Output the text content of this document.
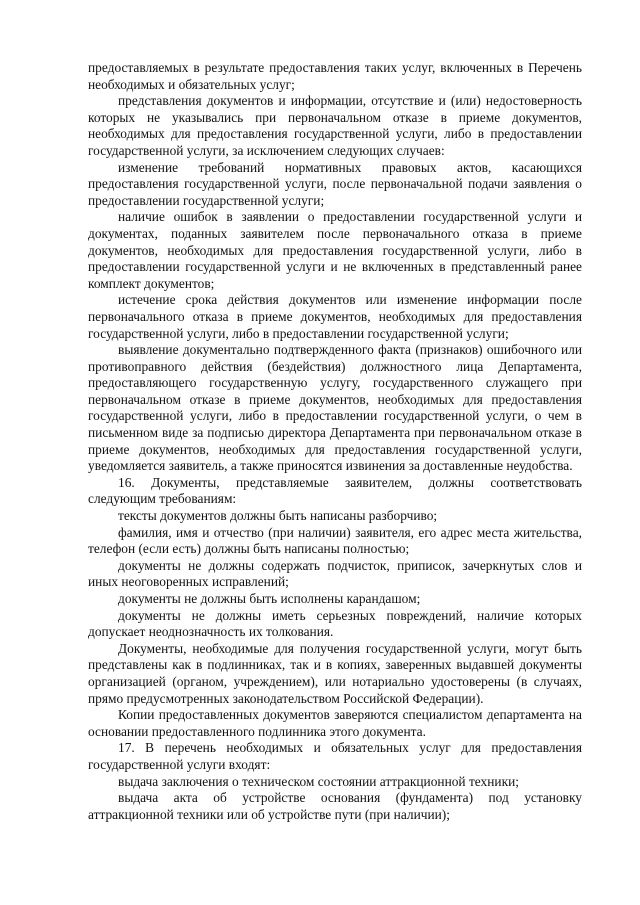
предоставляемых в результате предоставления таких услуг, включенных в Перечень необходимых и обязательных услуг;

представления документов и информации, отсутствие и (или) недостоверность которых не указывались при первоначальном отказе в приеме документов, необходимых для предоставления государственной услуги, либо в предоставлении государственной услуги, за исключением следующих случаев:

изменение требований нормативных правовых актов, касающихся предоставления государственной услуги, после первоначальной подачи заявления о предоставлении государственной услуги;

наличие ошибок в заявлении о предоставлении государственной услуги и документах, поданных заявителем после первоначального отказа в приеме документов, необходимых для предоставления государственной услуги, либо в предоставлении государственной услуги и не включенных в представленный ранее комплект документов;

истечение срока действия документов или изменение информации после первоначального отказа в приеме документов, необходимых для предоставления государственной услуги, либо в предоставлении государственной услуги;

выявление документально подтвержденного факта (признаков) ошибочного или противоправного действия (бездействия) должностного лица Департамента, предоставляющего государственную услугу, государственного служащего при первоначальном отказе в приеме документов, необходимых для предоставления государственной услуги, либо в предоставлении государственной услуги, о чем в письменном виде за подписью директора Департамента при первоначальном отказе в приеме документов, необходимых для предоставления государственной услуги, уведомляется заявитель, а также приносятся извинения за доставленные неудобства.

16. Документы, представляемые заявителем, должны соответствовать следующим требованиям:

тексты документов должны быть написаны разборчиво;

фамилия, имя и отчество (при наличии) заявителя, его адрес места жительства, телефон (если есть) должны быть написаны полностью;

документы не должны содержать подчисток, приписок, зачеркнутых слов и иных неоговоренных исправлений;

документы не должны быть исполнены карандашом;

документы не должны иметь серьезных повреждений, наличие которых допускает неоднозначность их толкования.

Документы, необходимые для получения государственной услуги, могут быть представлены как в подлинниках, так и в копиях, заверенных выдавшей документы организацией (органом, учреждением), или нотариально удостоверены (в случаях, прямо предусмотренных законодательством Российской Федерации).

Копии предоставленных документов заверяются специалистом департамента на основании предоставленного подлинника этого документа.

17. В перечень необходимых и обязательных услуг для предоставления государственной услуги входят:

выдача заключения о техническом состоянии аттракционной техники;

выдача акта об устройстве основания (фундамента) под установку аттракционной техники или об устройстве пути (при наличии);
